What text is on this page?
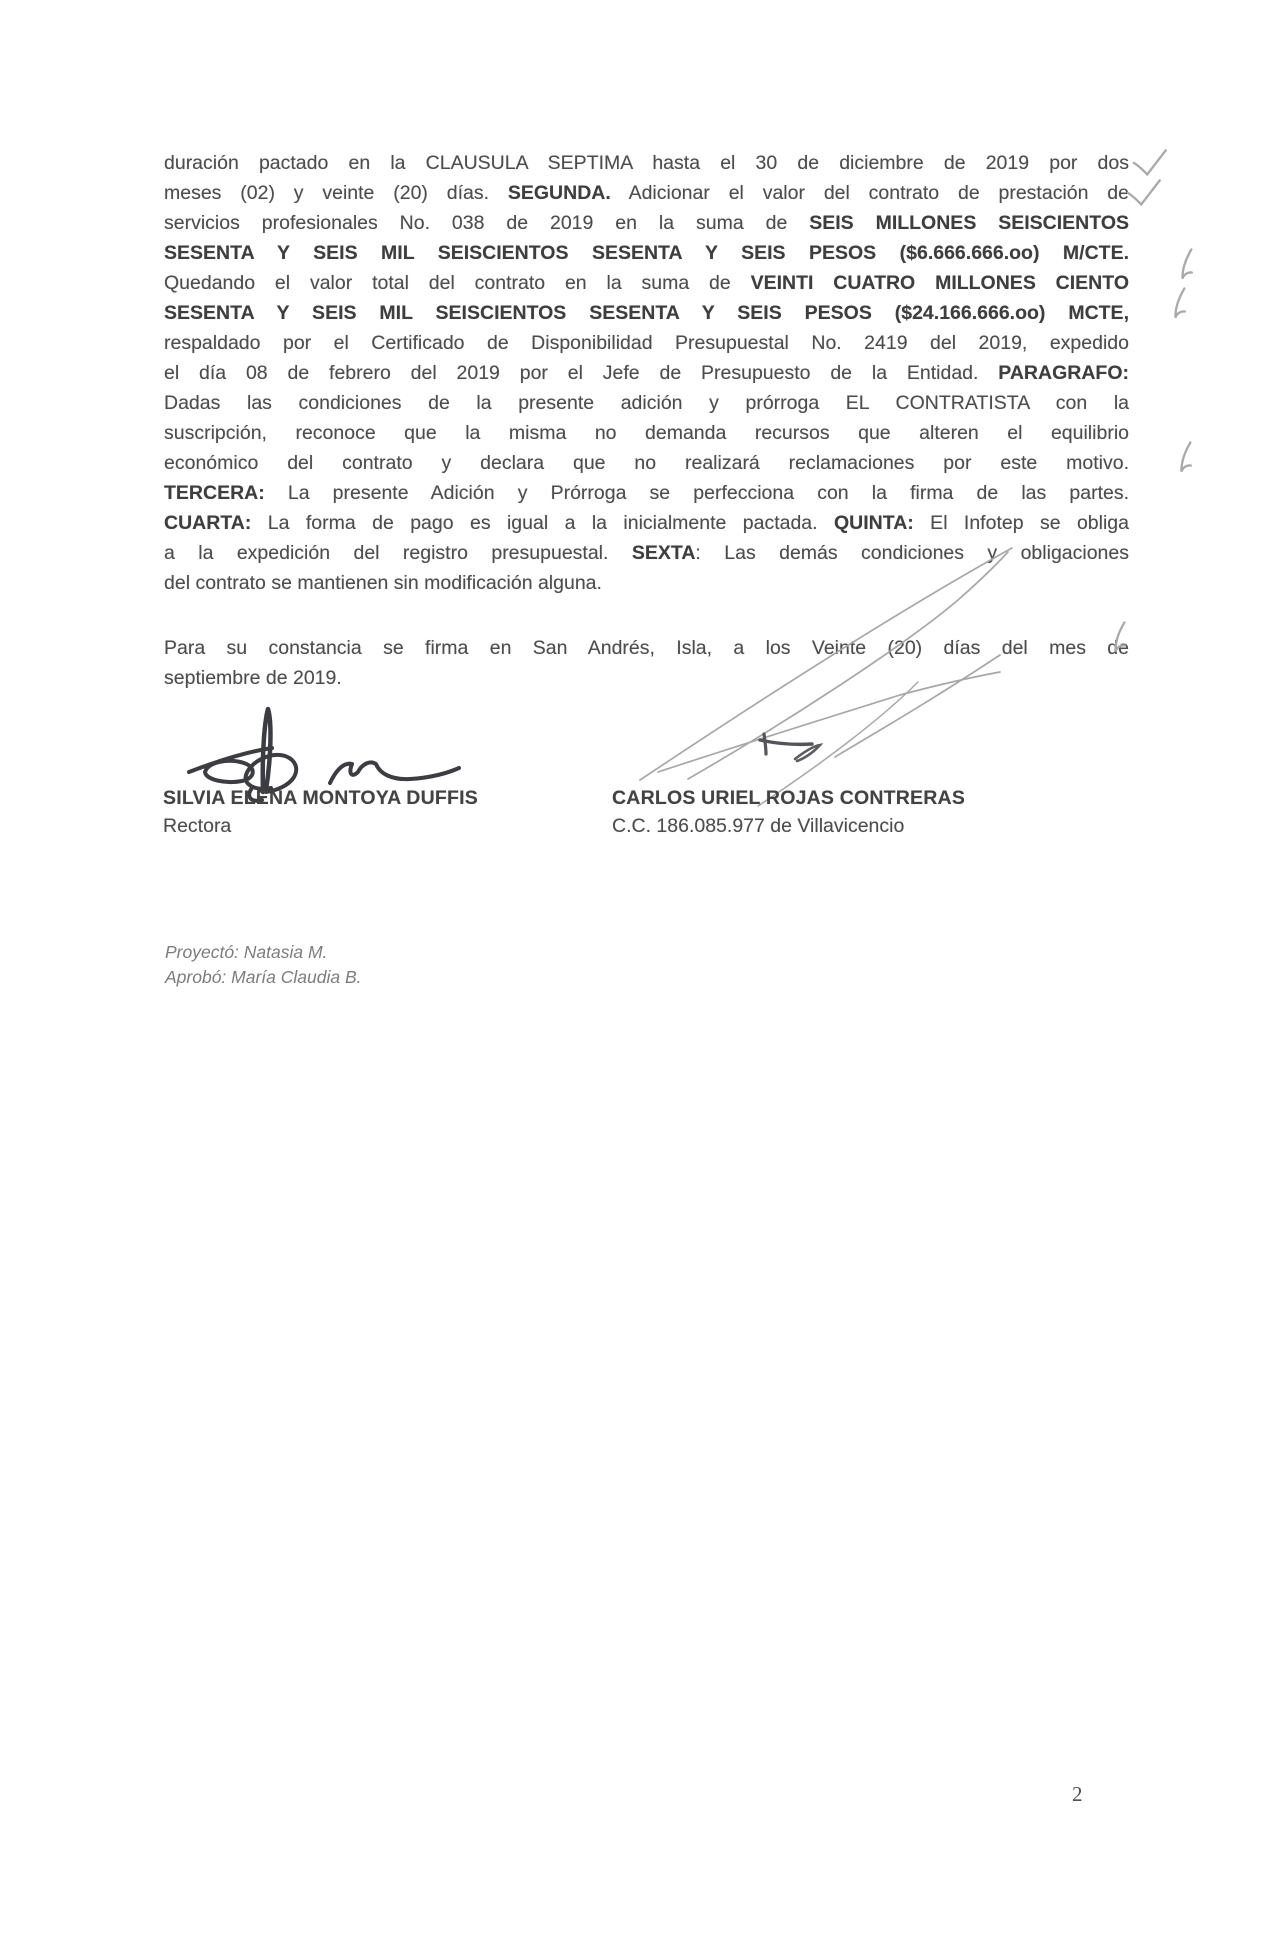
duración pactado en la CLAUSULA SEPTIMA hasta el 30 de diciembre de 2019 por dos
meses (02) y veinte (20) días. SEGUNDA. Adicionar el valor del contrato de prestación de
servicios profesionales No. 038 de 2019 en la suma de SEIS MILLONES SEISCIENTOS
SESENTA Y SEIS MIL SEISCIENTOS SESENTA Y SEIS PESOS ($6.666.666.oo) M/CTE.
Quedando el valor total del contrato en la suma de VEINTI CUATRO MILLONES CIENTO
SESENTA Y SEIS MIL SEISCIENTOS SESENTA Y SEIS PESOS ($24.166.666.oo) MCTE,
respaldado por el Certificado de Disponibilidad Presupuestal No. 2419 del 2019, expedido
el día 08 de febrero del 2019 por el Jefe de Presupuesto de la Entidad. PARAGRAFO:
Dadas las condiciones de la presente adición y prórroga EL CONTRATISTA con la
suscripción, reconoce que la misma no demanda recursos que alteren el equilibrio
económico del contrato y declara que no realizará reclamaciones por este motivo.
TERCERA: La presente Adición y Prórroga se perfecciona con la firma de las partes.
CUARTA: La forma de pago es igual a la inicialmente pactada. QUINTA: El Infotep se obliga
a la expedición del registro presupuestal. SEXTA: Las demás condiciones y obligaciones
del contrato se mantienen sin modificación alguna.
Para su constancia se firma en San Andrés, Isla, a los Veinte (20) días del mes de
septiembre de 2019.
SILVIA ELENA MONTOYA DUFFIS
Rectora
CARLOS URIEL ROJAS CONTRERAS
C.C. 186.085.977 de Villavicencio
Proyectó: Natasia M.
Aprobó: María Claudia B.
2
